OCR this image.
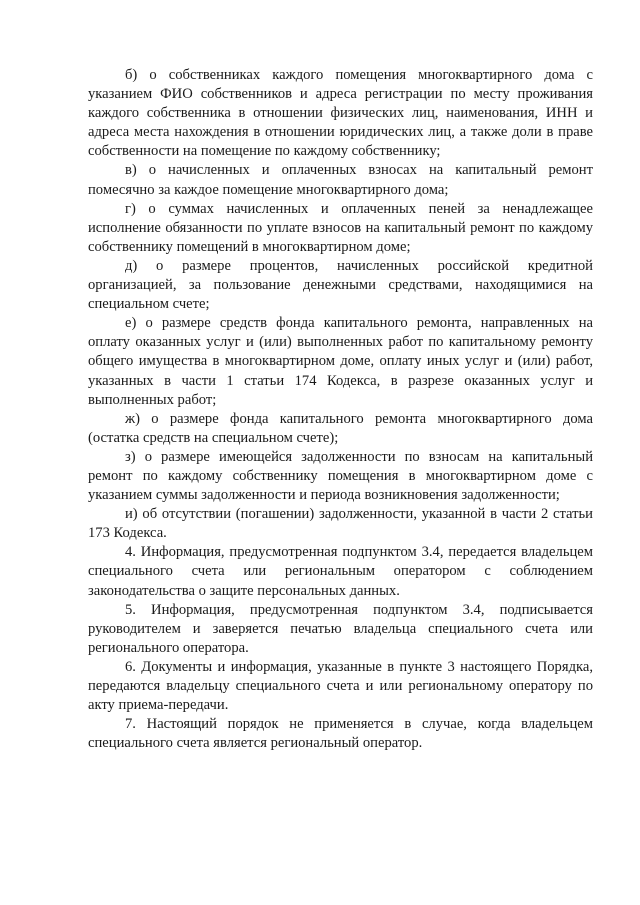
б) о собственниках каждого помещения многоквартирного дома с указанием ФИО собственников и адреса регистрации по месту проживания каждого собственника в отношении физических лиц, наименования, ИНН и адреса места нахождения в отношении юридических лиц, а также доли в праве собственности на помещение по каждому собственнику;

в) о начисленных и оплаченных взносах на капитальный ремонт помесячно за каждое помещение многоквартирного дома;

г) о суммах начисленных и оплаченных пеней за ненадлежащее исполнение обязанности по уплате взносов на капитальный ремонт по каждому собственнику помещений в многоквартирном доме;

д) о размере процентов, начисленных российской кредитной организацией, за пользование денежными средствами, находящимися на специальном счете;

е) о размере средств фонда капитального ремонта, направленных на оплату оказанных услуг и (или) выполненных работ по капитальному ремонту общего имущества в многоквартирном доме, оплату иных услуг и (или) работ, указанных в части 1 статьи 174 Кодекса, в разрезе оказанных услуг и выполненных работ;

ж) о размере фонда капитального ремонта многоквартирного дома (остатка средств на специальном счете);

з) о размере имеющейся задолженности по взносам на капитальный ремонт по каждому собственнику помещения в многоквартирном доме с указанием суммы задолженности и периода возникновения задолженности;

и) об отсутствии (погашении) задолженности, указанной в части 2 статьи 173 Кодекса.

4. Информация, предусмотренная подпунктом 3.4, передается владельцем специального счета или региональным оператором с соблюдением законодательства о защите персональных данных.

5. Информация, предусмотренная подпунктом 3.4, подписывается руководителем и заверяется печатью владельца специального счета или регионального оператора.

6. Документы и информация, указанные в пункте 3 настоящего Порядка, передаются владельцу специального счета и или региональному оператору по акту приема-передачи.

7. Настоящий порядок не применяется в случае, когда владельцем специального счета является региональный оператор.
